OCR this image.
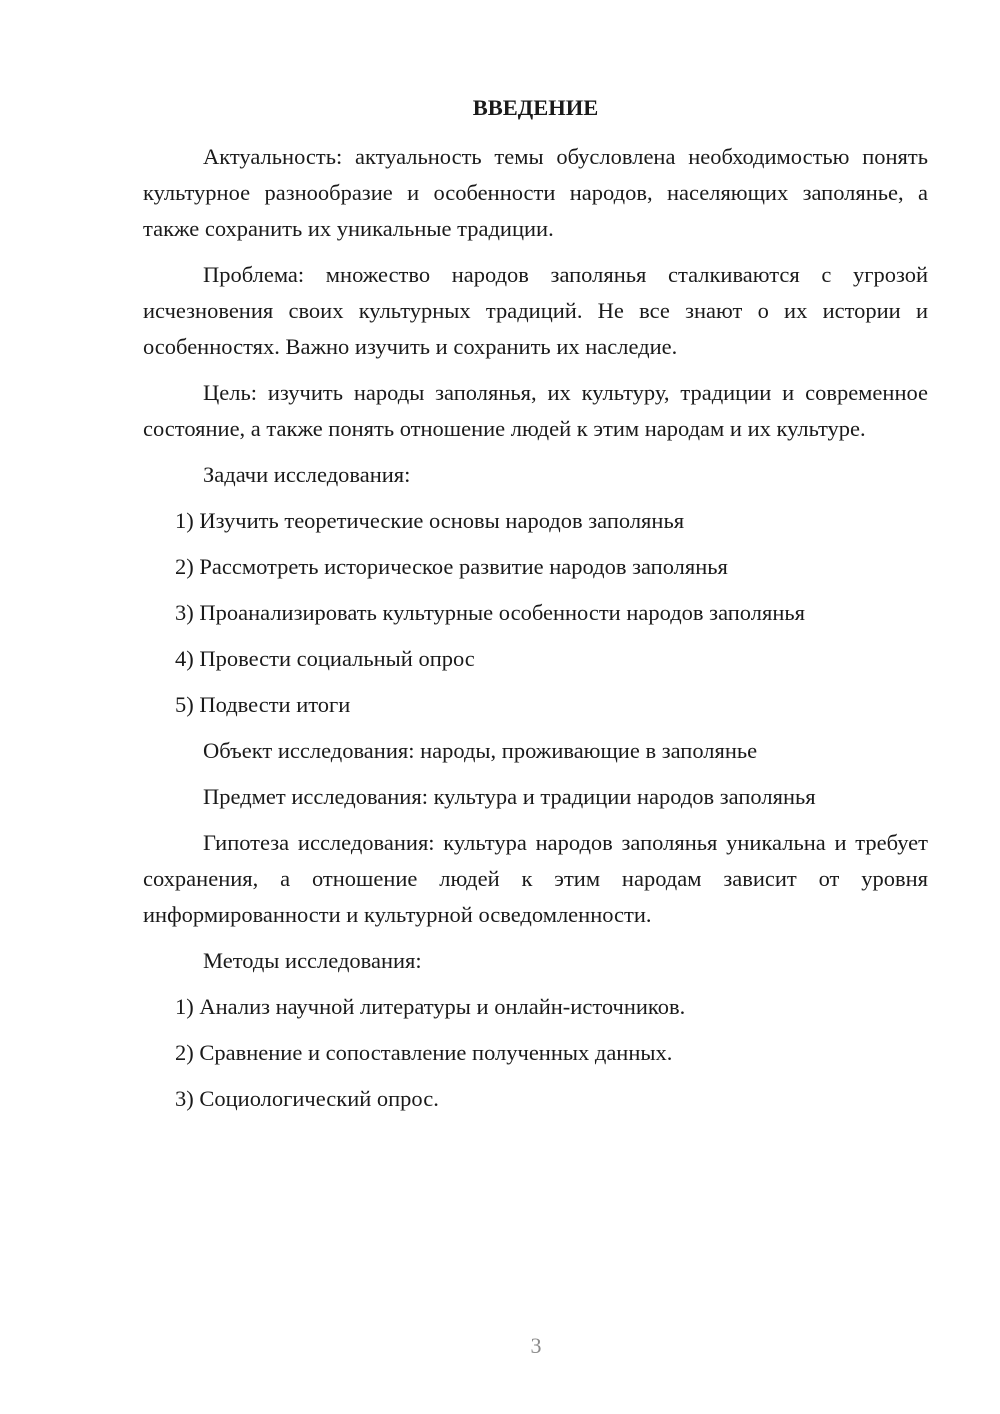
ВВЕДЕНИЕ

Актуальность: актуальность темы обусловлена необходимостью понять культурное разнообразие и особенности народов, населяющих заполянье, а также сохранить их уникальные традиции.

Проблема: множество народов заполянья сталкиваются с угрозой исчезновения своих культурных традиций. Не все знают о их истории и особенностях. Важно изучить и сохранить их наследие.

Цель: изучить народы заполянья, их культуру, традиции и современное состояние, а также понять отношение людей к этим народам и их культуре.

Задачи исследования:
1) Изучить теоретические основы народов заполянья
2) Рассмотреть историческое развитие народов заполянья
3) Проанализировать культурные особенности народов заполянья
4) Провести социальный опрос
5) Подвести итоги
Объект исследования: народы, проживающие в заполянье
Предмет исследования: культура и традиции народов заполянья

Гипотеза исследования: культура народов заполянья уникальна и требует сохранения, а отношение людей к этим народам зависит от уровня информированности и культурной осведомленности.

Методы исследования:
1) Анализ научной литературы и онлайн-источников.
2) Сравнение и сопоставление полученных данных.
3) Социологический опрос.
3
